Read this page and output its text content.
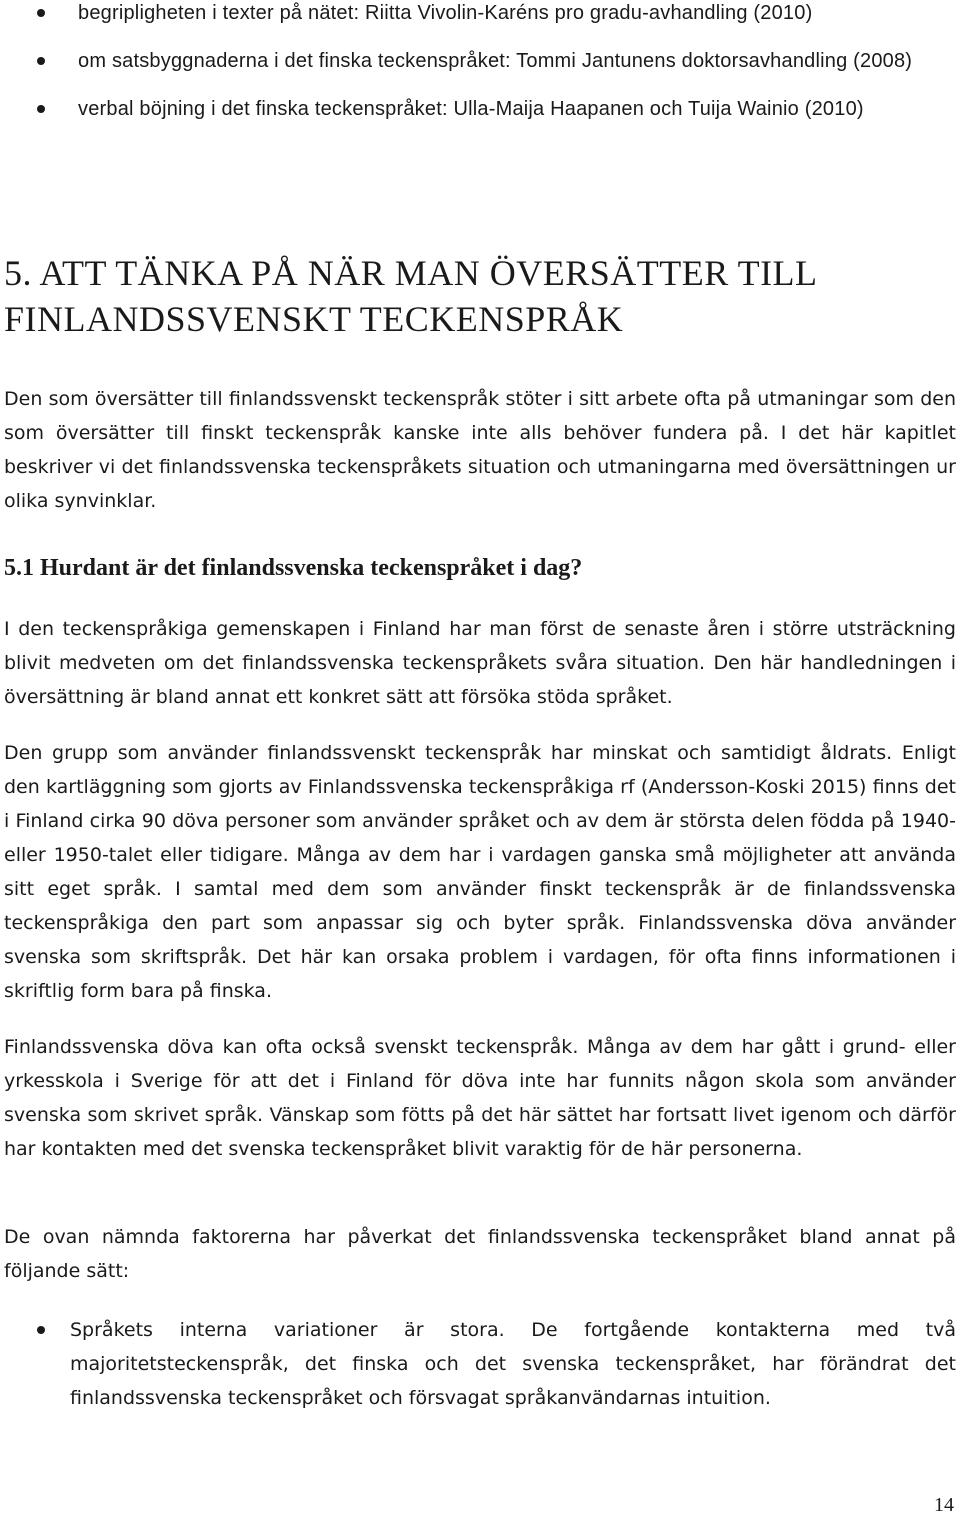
begripligheten i texter på nätet: Riitta Vivolin-Karéns pro gradu-avhandling (2010)
om satsbyggnaderna i det finska teckenspråket: Tommi Jantunens doktorsavhandling (2008)
verbal böjning i det finska teckenspråket: Ulla-Maija Haapanen och Tuija Wainio (2010)
5. ATT TÄNKA PÅ NÄR MAN ÖVERSÄTTER TILL FINLANDSSVENSKT TECKENSPRÅK

Den som översätter till finlandssvenskt teckenspråk stöter i sitt arbete ofta på utmaningar som den som översätter till finskt teckenspråk kanske inte alls behöver fundera på. I det här kapitlet beskriver vi det finlandssvenska teckenspråkets situation och utmaningarna med översättningen ur olika synvinklar.

5.1 Hurdant är det finlandssvenska teckenspråket i dag?

I den teckenspråkiga gemenskapen i Finland har man först de senaste åren i större utsträckning blivit medveten om det finlandssvenska teckenspråkets svåra situation. Den här handledningen i översättning är bland annat ett konkret sätt att försöka stöda språket.

Den grupp som använder finlandssvenskt teckenspråk har minskat och samtidigt åldrats. Enligt den kartläggning som gjorts av Finlandssvenska teckenspråkiga rf (Andersson-Koski 2015) finns det i Finland cirka 90 döva personer som använder språket och av dem är största delen födda på 1940- eller 1950-talet eller tidigare. Många av dem har i vardagen ganska små möjligheter att använda sitt eget språk. I samtal med dem som använder finskt teckenspråk är de finlandssvenska teckenspråkiga den part som anpassar sig och byter språk. Finlandssvenska döva använder svenska som skriftspråk. Det här kan orsaka problem i vardagen, för ofta finns informationen i skriftlig form bara på finska.

Finlandssvenska döva kan ofta också svenskt teckenspråk. Många av dem har gått i grund- eller yrkesskola i Sverige för att det i Finland för döva inte har funnits någon skola som använder svenska som skrivet språk. Vänskap som fötts på det här sättet har fortsatt livet igenom och därför har kontakten med det svenska teckenspråket blivit varaktig för de här personerna.

De ovan nämnda faktorerna har påverkat det finlandssvenska teckenspråket bland annat på följande sätt:

Språkets interna variationer är stora. De fortgående kontakterna med två majoritetsteckenspråk, det finska och det svenska teckenspråket, har förändrat det finlandssvenska teckenspråket och försvagat språkanvändarnas intuition.
14
